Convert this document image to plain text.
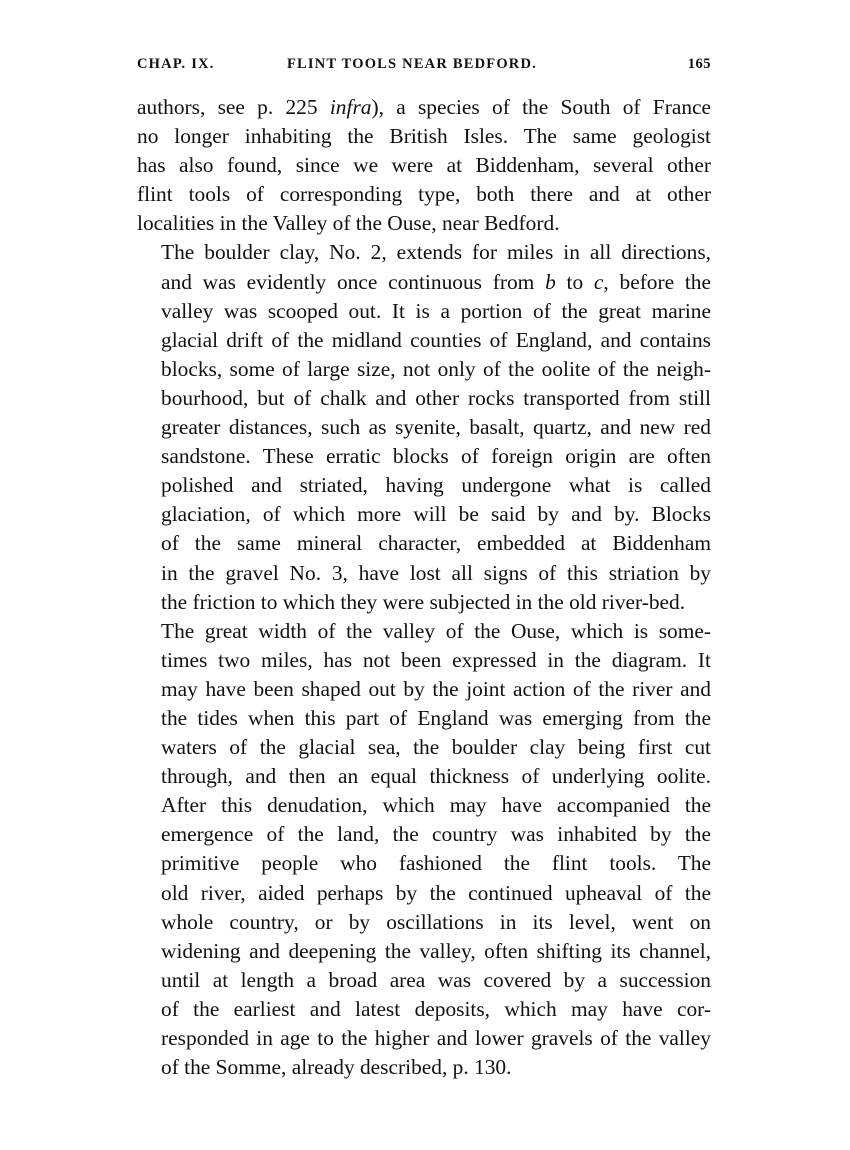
CHAP. IX.	FLINT TOOLS NEAR BEDFORD.	165

authors, see p. 225 infra), a species of the South of France
no longer inhabiting the British Isles. The same geologist
has also found, since we were at Biddenham, several other
flint tools of corresponding type, both there and at other
localities in the Valley of the Ouse, near Bedford.

The boulder clay, No. 2, extends for miles in all directions,
and was evidently once continuous from b to c, before the
valley was scooped out. It is a portion of the great marine
glacial drift of the midland counties of England, and contains
blocks, some of large size, not only of the oolite of the neigh-
bourhood, but of chalk and other rocks transported from still
greater distances, such as syenite, basalt, quartz, and new red
sandstone. These erratic blocks of foreign origin are often
polished and striated, having undergone what is called
glaciation, of which more will be said by and by. Blocks
of the same mineral character, embedded at Biddenham
in the gravel No. 3, have lost all signs of this striation by
the friction to which they were subjected in the old river-bed.

The great width of the valley of the Ouse, which is some-
times two miles, has not been expressed in the diagram. It
may have been shaped out by the joint action of the river and
the tides when this part of England was emerging from the
waters of the glacial sea, the boulder clay being first cut
through, and then an equal thickness of underlying oolite.
After this denudation, which may have accompanied the
emergence of the land, the country was inhabited by the
primitive people who fashioned the flint tools. The
old river, aided perhaps by the continued upheaval of the
whole country, or by oscillations in its level, went on
widening and deepening the valley, often shifting its channel,
until at length a broad area was covered by a succession
of the earliest and latest deposits, which may have cor-
responded in age to the higher and lower gravels of the valley
of the Somme, already described, p. 130.
